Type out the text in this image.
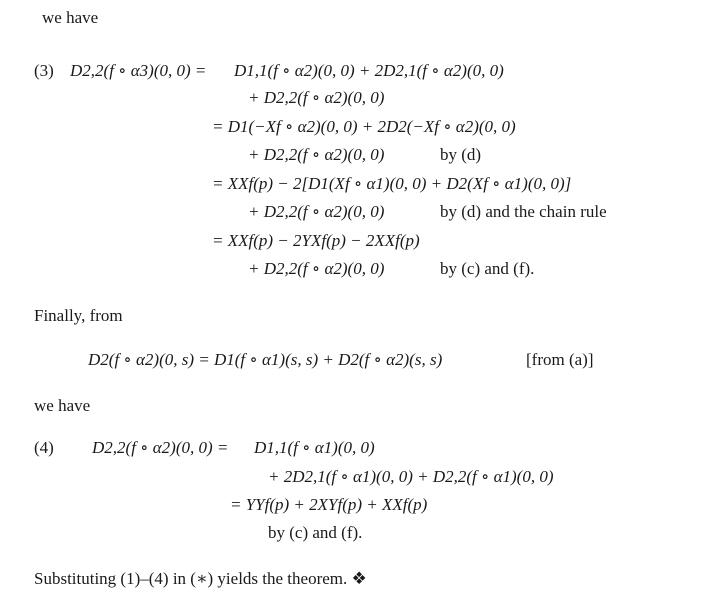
we have
(3) D2,2(f ∘ α3)(0, 0) = D1,1(f ∘ α2)(0, 0) + 2D2,1(f ∘ α2)(0, 0)
+ D2,2(f ∘ α2)(0, 0)
= D1(−Xf ∘ α2)(0, 0) + 2D2(−Xf ∘ α2)(0, 0)
+ D2,2(f ∘ α2)(0, 0)	by (d)
= XXf(p) − 2[D1(Xf ∘ α1)(0, 0) + D2(Xf ∘ α1)(0, 0)]
+ D2,2(f ∘ α2)(0, 0)	by (d) and the chain rule
= XXf(p) − 2YXf(p) − 2XXf(p)
+ D2,2(f ∘ α2)(0, 0)	by (c) and (f).
Finally, from
D2(f ∘ α2)(0, s) = D1(f ∘ α1)(s, s) + D2(f ∘ α2)(s, s)	[from (a)]
we have
(4) D2,2(f ∘ α2)(0, 0) = D1,1(f ∘ α1)(0, 0)
+ 2D2,1(f ∘ α1)(0, 0) + D2,2(f ∘ α1)(0, 0)
= YYf(p) + 2XYf(p) + XXf(p)
by (c) and (f).
Substituting (1)–(4) in (∗) yields the theorem. ❖
